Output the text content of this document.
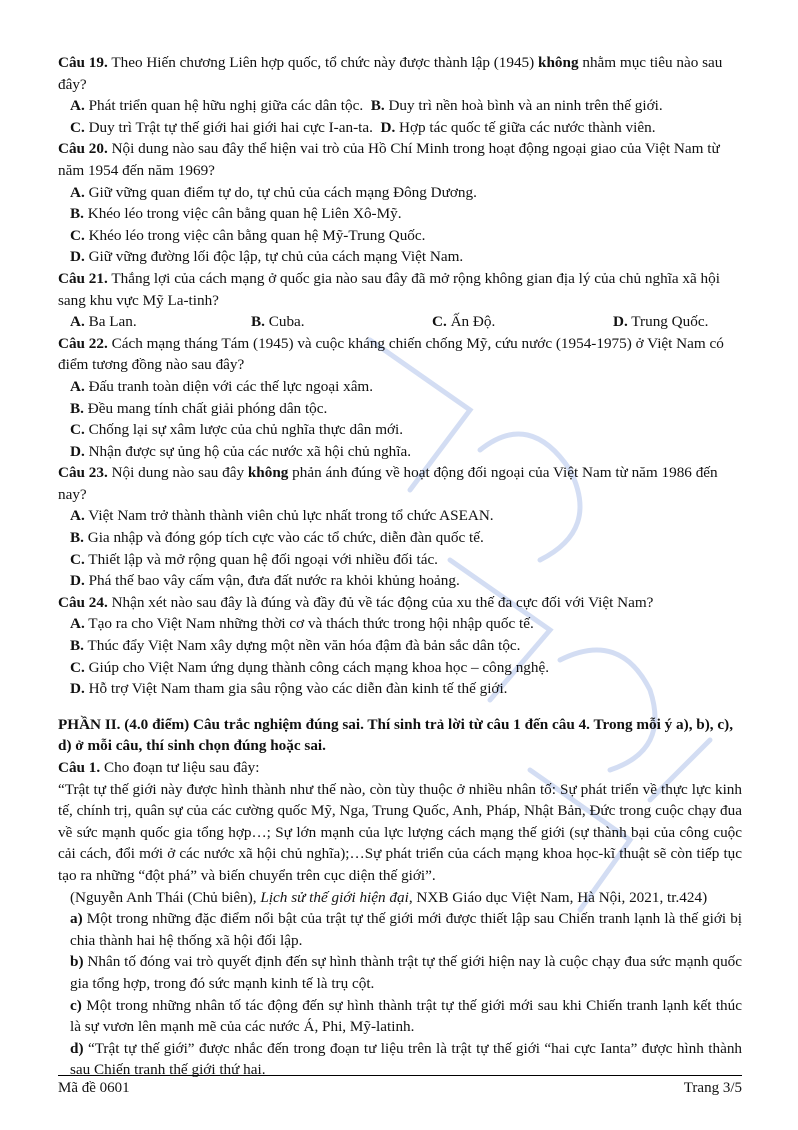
Câu 19. Theo Hiến chương Liên hợp quốc, tổ chức này được thành lập (1945) không nhằm mục tiêu nào sau đây?

A. Phát triển quan hệ hữu nghị giữa các dân tộc. B. Duy trì nền hoà bình và an ninh trên thế giới.

C. Duy trì Trật tự thế giới hai giới hai cực I-an-ta. D. Hợp tác quốc tế giữa các nước thành viên.

Câu 20. Nội dung nào sau đây thể hiện vai trò của Hồ Chí Minh trong hoạt động ngoại giao của Việt Nam từ năm 1954 đến năm 1969?

A. Giữ vững quan điểm tự do, tự chủ của cách mạng Đông Dương.

B. Khéo léo trong việc cân bằng quan hệ Liên Xô-Mỹ.

C. Khéo léo trong việc cân bằng quan hệ Mỹ-Trung Quốc.

D. Giữ vững đường lối độc lập, tự chủ của cách mạng Việt Nam.

Câu 21. Thắng lợi của cách mạng ở quốc gia nào sau đây đã mở rộng không gian địa lý của chủ nghĩa xã hội sang khu vực Mỹ La-tinh?

A. Ba Lan.	B. Cuba.	C. Ấn Độ.	D. Trung Quốc.

Câu 22. Cách mạng tháng Tám (1945) và cuộc kháng chiến chống Mỹ, cứu nước (1954-1975) ở Việt Nam có điểm tương đồng nào sau đây?

A. Đấu tranh toàn diện với các thế lực ngoại xâm.

B. Đều mang tính chất giải phóng dân tộc.

C. Chống lại sự xâm lược của chủ nghĩa thực dân mới.

D. Nhận được sự ủng hộ của các nước xã hội chủ nghĩa.

Câu 23. Nội dung nào sau đây không phản ánh đúng về hoạt động đối ngoại của Việt Nam từ năm 1986 đến nay?

A. Việt Nam trở thành thành viên chủ lực nhất trong tổ chức ASEAN.

B. Gia nhập và đóng góp tích cực vào các tổ chức, diễn đàn quốc tế.

C. Thiết lập và mở rộng quan hệ đối ngoại với nhiều đối tác.

D. Phá thế bao vây cấm vận, đưa đất nước ra khỏi khủng hoảng.

Câu 24. Nhận xét nào sau đây là đúng và đầy đủ về tác động của xu thế đa cực đối với Việt Nam?

A. Tạo ra cho Việt Nam những thời cơ và thách thức trong hội nhập quốc tế.

B. Thúc đẩy Việt Nam xây dựng một nền văn hóa đậm đà bản sắc dân tộc.

C. Giúp cho Việt Nam ứng dụng thành công cách mạng khoa học – công nghệ.

D. Hỗ trợ Việt Nam tham gia sâu rộng vào các diễn đàn kinh tế thế giới.

PHẦN II. (4.0 điểm) Câu trắc nghiệm đúng sai. Thí sinh trả lời từ câu 1 đến câu 4. Trong mỗi ý a), b), c), d) ở mỗi câu, thí sinh chọn đúng hoặc sai.

Câu 1. Cho đoạn tư liệu sau đây:

“Trật tự thế giới này được hình thành như thế nào, còn tùy thuộc ở nhiều nhân tố: Sự phát triển về thực lực kinh tế, chính trị, quân sự của các cường quốc Mỹ, Nga, Trung Quốc, Anh, Pháp, Nhật Bản, Đức trong cuộc chạy đua về sức mạnh quốc gia tổng hợp…; Sự lớn mạnh của lực lượng cách mạng thế giới (sự thành bại của công cuộc cải cách, đổi mới ở các nước xã hội chủ nghĩa);…Sự phát triển của cách mạng khoa học-kĩ thuật sẽ còn tiếp tục tạo ra những “đột phá” và biến chuyển trên cục diện thế giới”.

(Nguyễn Anh Thái (Chủ biên), Lịch sử thế giới hiện đại, NXB Giáo dục Việt Nam, Hà Nội, 2021, tr.424)

a) Một trong những đặc điểm nổi bật của trật tự thế giới mới được thiết lập sau Chiến tranh lạnh là thế giới bị chia thành hai hệ thống xã hội đối lập.

b) Nhân tố đóng vai trò quyết định đến sự hình thành trật tự thế giới hiện nay là cuộc chạy đua sức mạnh quốc gia tổng hợp, trong đó sức mạnh kinh tế là trụ cột.

c) Một trong những nhân tố tác động đến sự hình thành trật tự thế giới mới sau khi Chiến tranh lạnh kết thúc là sự vươn lên mạnh mẽ của các nước Á, Phi, Mỹ-latinh.

d) “Trật tự thế giới” được nhắc đến trong đoạn tư liệu trên là trật tự thế giới “hai cực Ianta” được hình thành sau Chiến tranh thế giới thứ hai.

Mã đề 0601	Trang 3/5
